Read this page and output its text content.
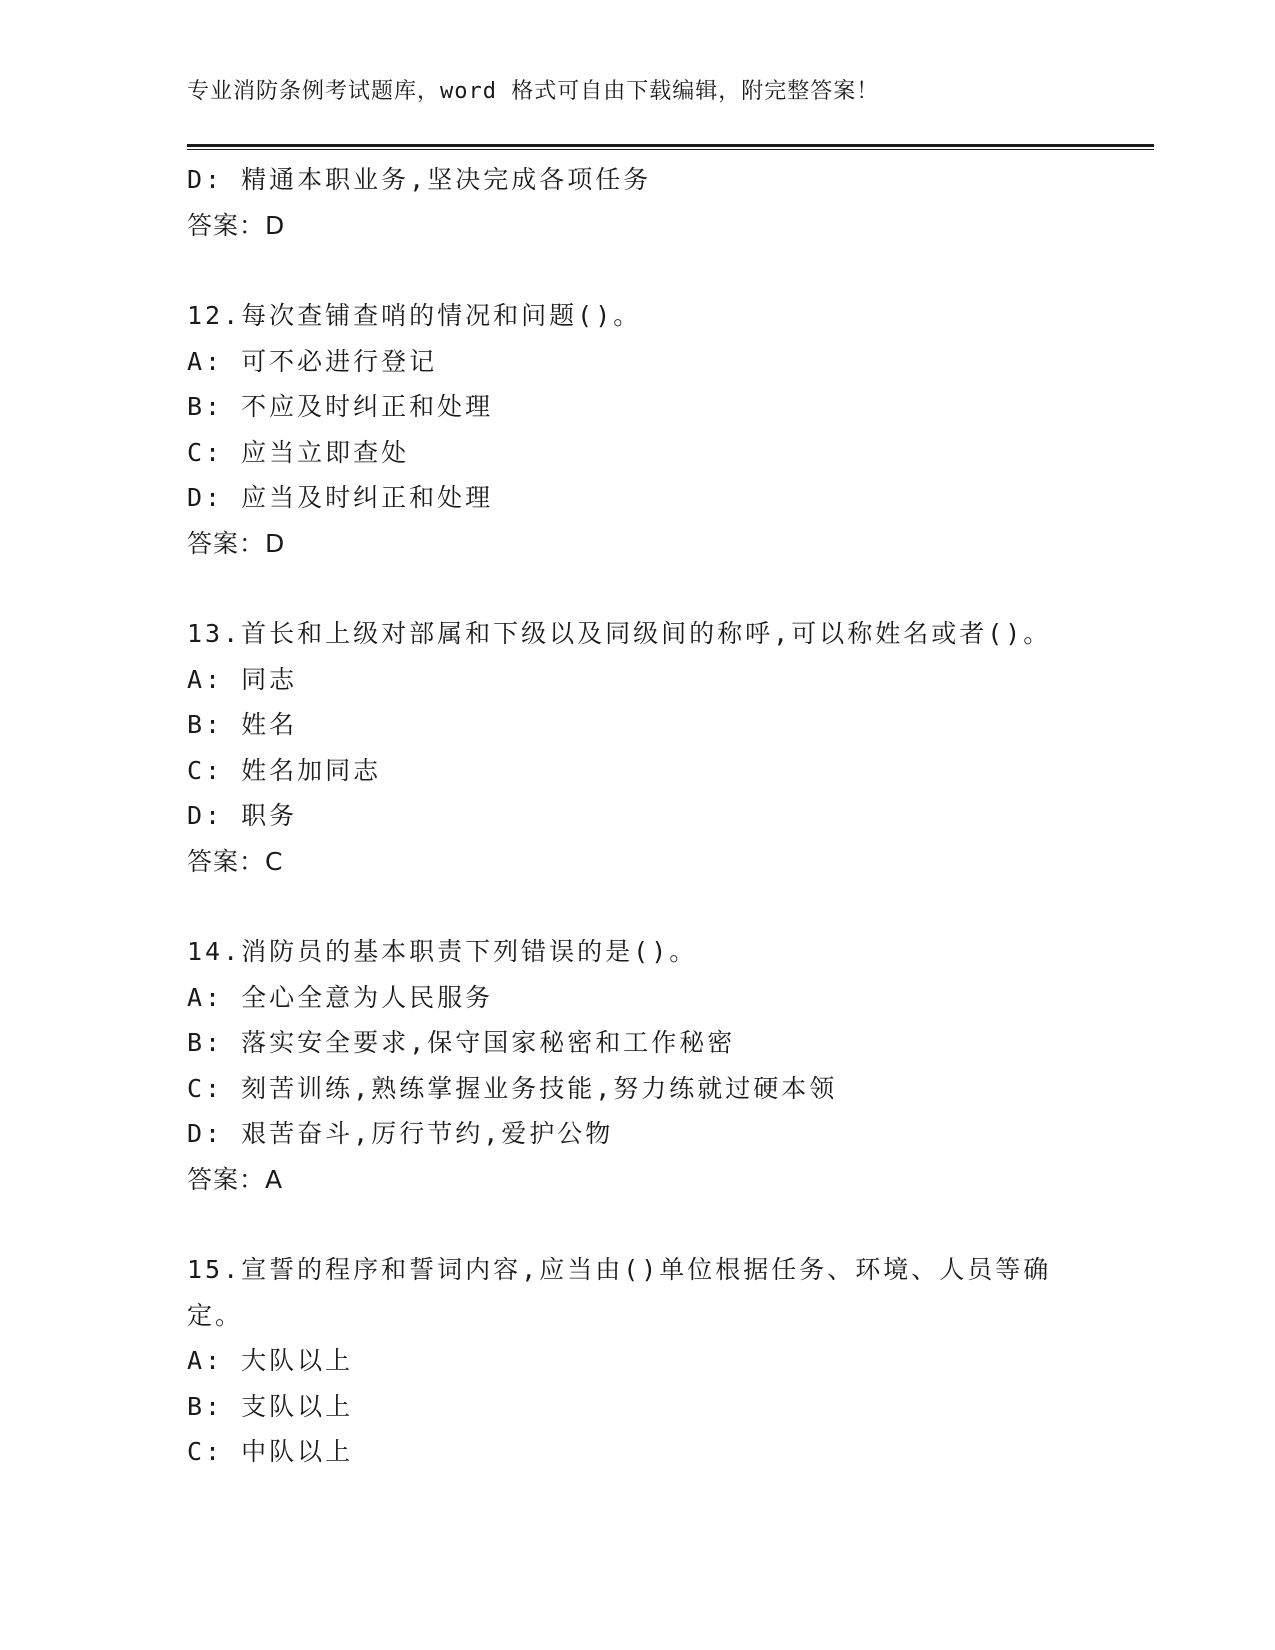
专业消防条例考试题库，word 格式可自由下载编辑，附完整答案！
D: 精通本职业务,坚决完成各项任务
答案：D
12.每次查铺查哨的情况和问题()。
A: 可不必进行登记
B: 不应及时纠正和处理
C: 应当立即查处
D: 应当及时纠正和处理
答案：D
13.首长和上级对部属和下级以及同级间的称呼,可以称姓名或者()。
A: 同志
B: 姓名
C: 姓名加同志
D: 职务
答案：C
14.消防员的基本职责下列错误的是()。
A: 全心全意为人民服务
B: 落实安全要求,保守国家秘密和工作秘密
C: 刻苦训练,熟练掌握业务技能,努力练就过硬本领
D: 艰苦奋斗,厉行节约,爱护公物
答案：A
15.宣誓的程序和誓词内容,应当由()单位根据任务、环境、人员等确定。
A: 大队以上
B: 支队以上
C: 中队以上
